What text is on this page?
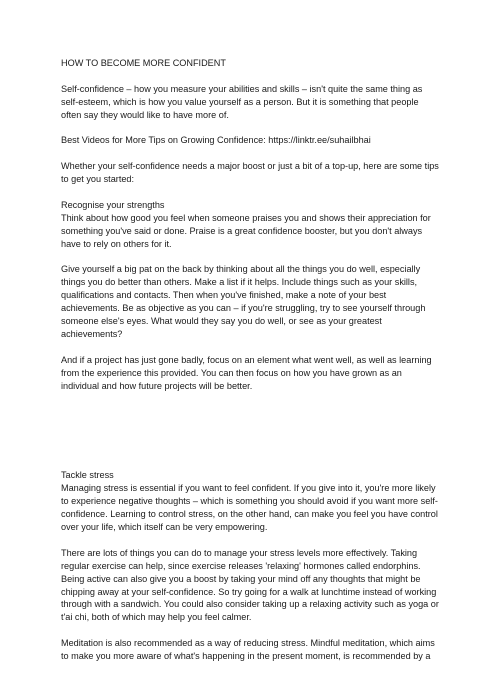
HOW TO BECOME MORE CONFIDENT

Self-confidence – how you measure your abilities and skills – isn't quite the same thing as self-esteem, which is how you value yourself as a person. But it is something that people often say they would like to have more of.

Best Videos for More Tips on Growing Confidence: https://linktr.ee/suhailbhai

Whether your self-confidence needs a major boost or just a bit of a top-up, here are some tips to get you started:

Recognise your strengths

Think about how good you feel when someone praises you and shows their appreciation for something you've said or done. Praise is a great confidence booster, but you don't always have to rely on others for it.

Give yourself a big pat on the back by thinking about all the things you do well, especially things you do better than others. Make a list if it helps. Include things such as your skills, qualifications and contacts. Then when you've finished, make a note of your best achievements. Be as objective as you can – if you're struggling, try to see yourself through someone else's eyes. What would they say you do well, or see as your greatest achievements?

And if a project has just gone badly, focus on an element what went well, as well as learning from the experience this provided. You can then focus on how you have grown as an individual and how future projects will be better.

Tackle stress

Managing stress is essential if you want to feel confident. If you give into it, you're more likely to experience negative thoughts – which is something you should avoid if you want more self-confidence. Learning to control stress, on the other hand, can make you feel you have control over your life, which itself can be very empowering.

There are lots of things you can do to manage your stress levels more effectively. Taking regular exercise can help, since exercise releases 'relaxing' hormones called endorphins. Being active can also give you a boost by taking your mind off any thoughts that might be chipping away at your self-confidence. So try going for a walk at lunchtime instead of working through with a sandwich. You could also consider taking up a relaxing activity such as yoga or t'ai chi, both of which may help you feel calmer.

Meditation is also recommended as a way of reducing stress. Mindful meditation, which aims to make you more aware of what's happening in the present moment, is recommended by a
